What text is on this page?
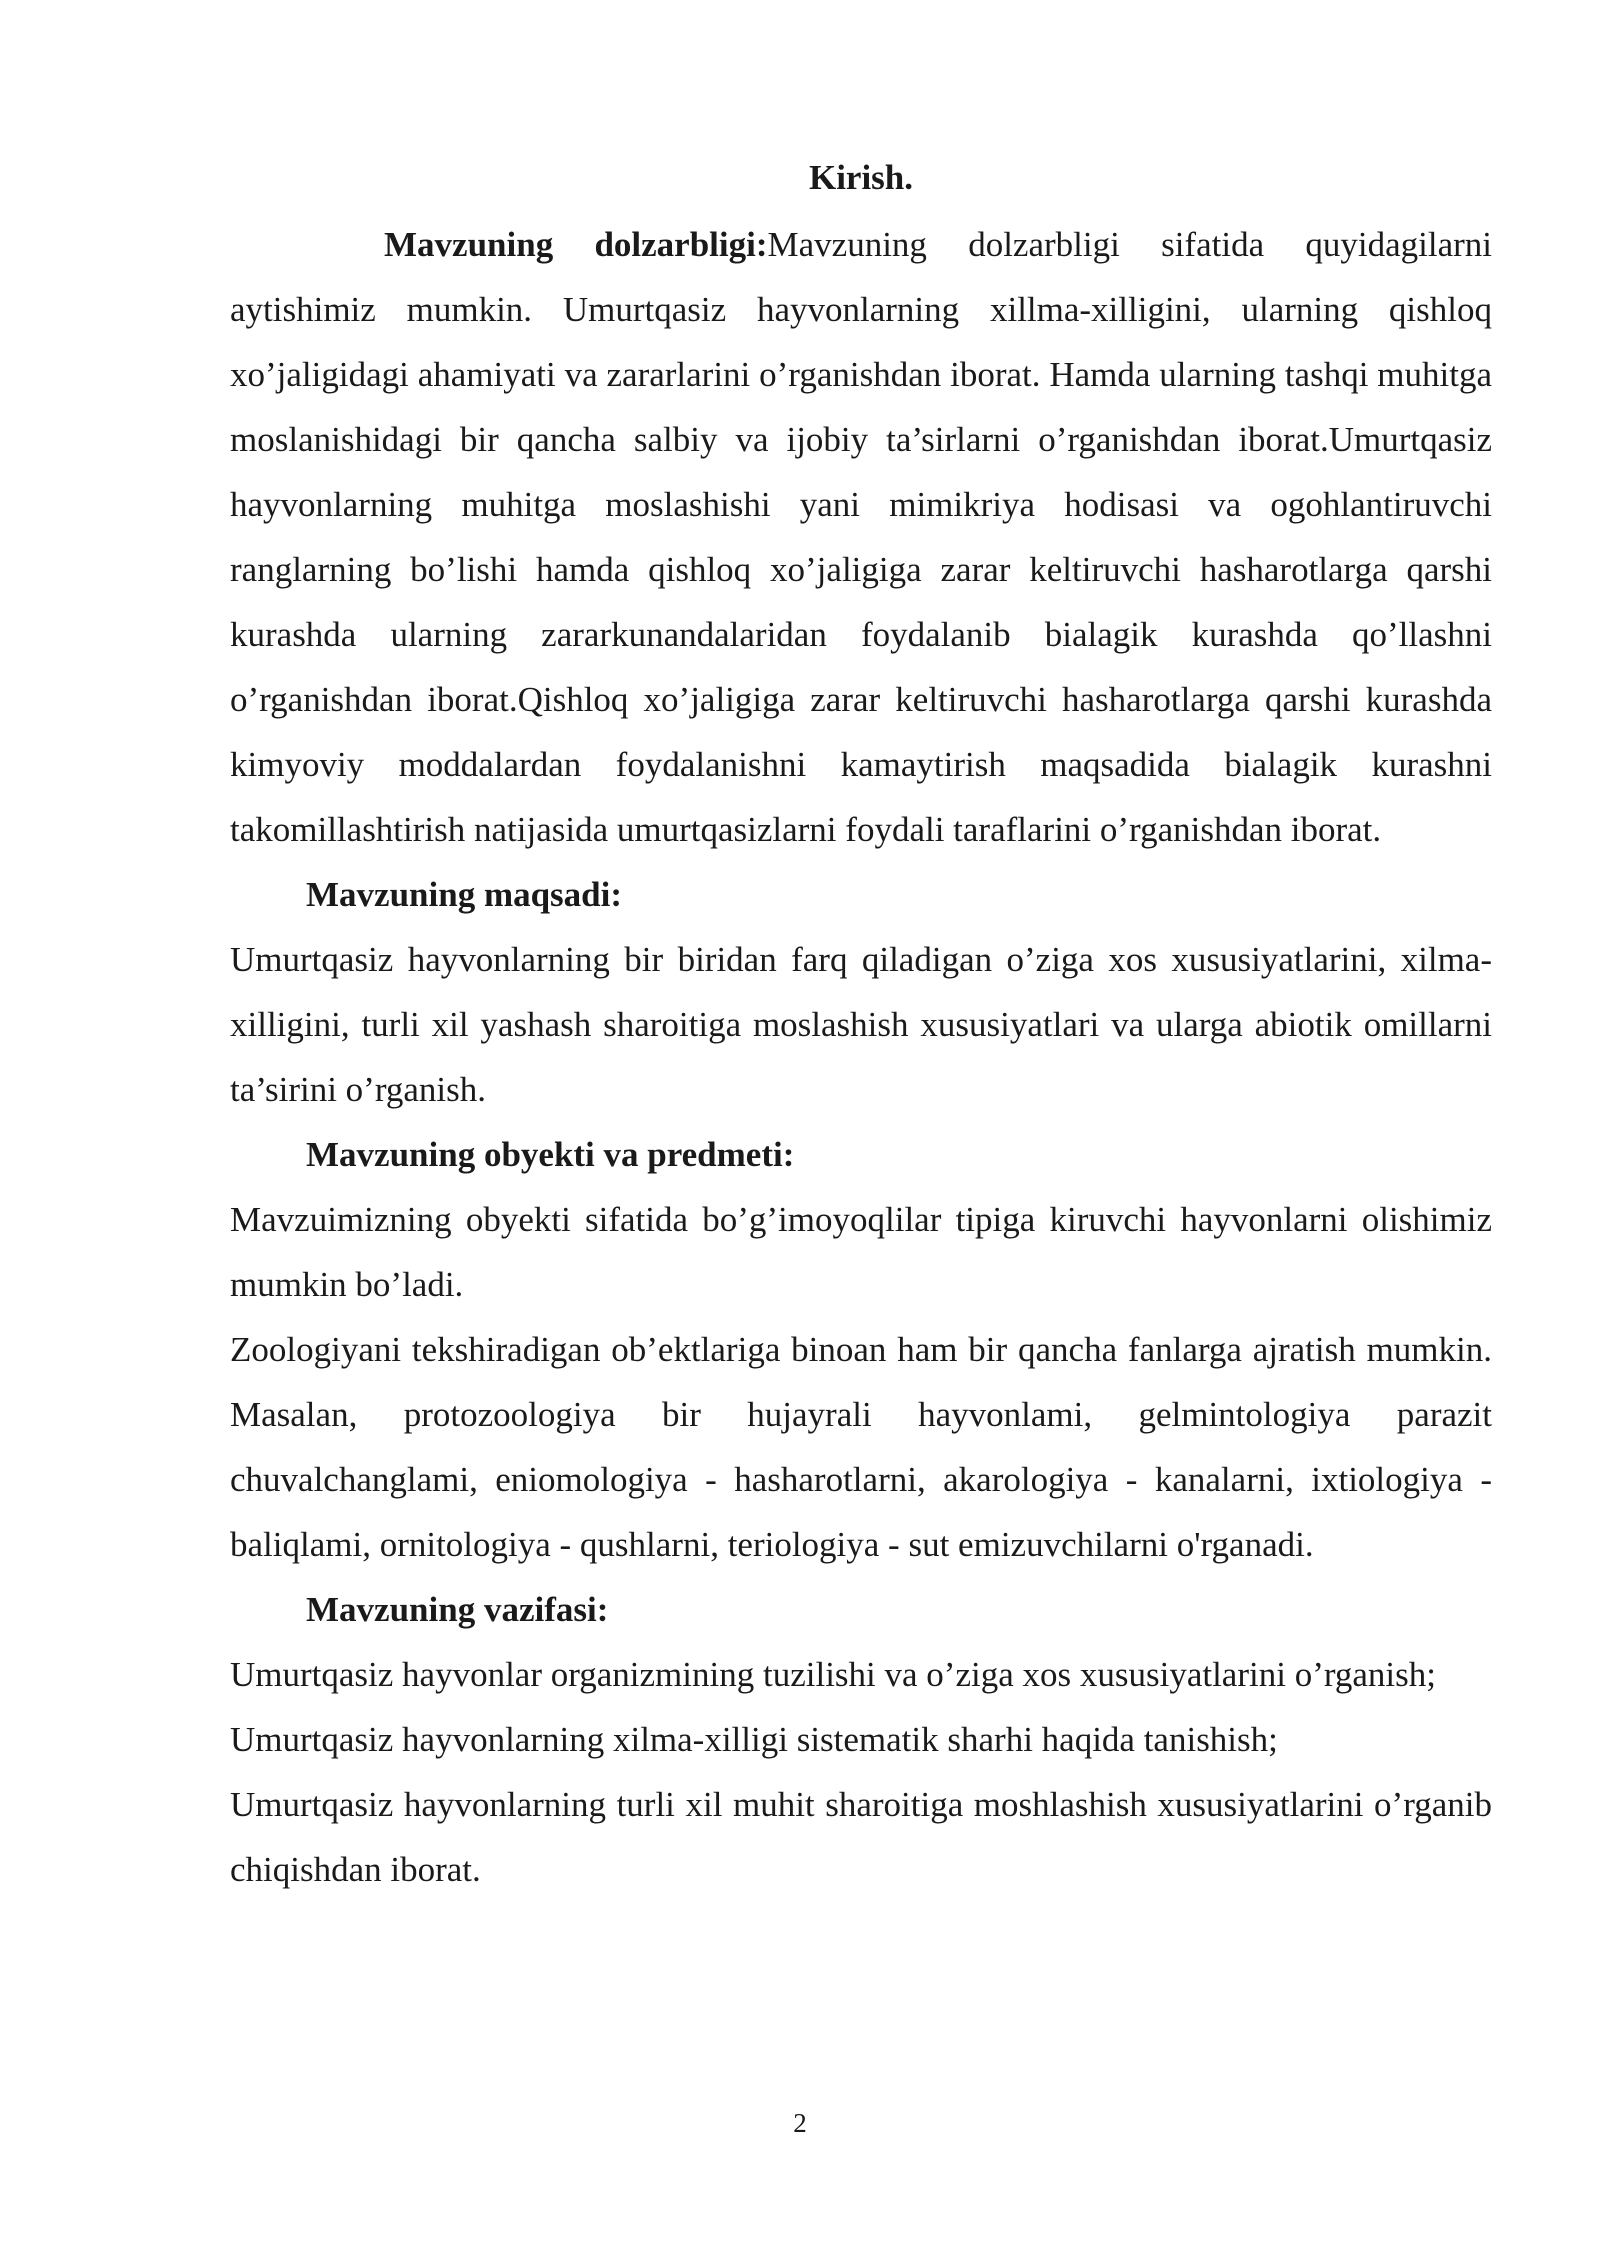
Kirish.

Mavzuning dolzarbligi:Mavzuning dolzarbligi sifatida quyidagilarni aytishimiz mumkin. Umurtqasiz hayvonlarning xillma-xilligini, ularning qishloq xo’jaligidagi ahamiyati va zararlarini o’rganishdan iborat. Hamda ularning tashqi muhitga moslanishidagi bir qancha salbiy va ijobiy ta’sirlarni o’rganishdan iborat.Umurtqasiz hayvonlarning muhitga moslashishi yani mimikriya hodisasi va ogohlantiruvchi ranglarning bo’lishi hamda qishloq xo’jaligiga zarar keltiruvchi hasharotlarga qarshi kurashda ularning zararkunandalaridan foydalanib bialagik kurashda qo’llashni o’rganishdan iborat.Qishloq xo’jaligiga zarar keltiruvchi hasharotlarga qarshi kurashda kimyoviy moddalardan foydalanishni kamaytirish maqsadida bialagik kurashni takomillashtirish natijasida umurtqasizlarni foydali taraflarini o’rganishdan iborat.

Mavzuning maqsadi:

Umurtqasiz hayvonlarning bir biridan farq qiladigan o’ziga xos xususiyatlarini, xilma-xilligini, turli xil yashash sharoitiga moslashish xususiyatlari va ularga abiotik omillarni ta’sirini o’rganish.

Mavzuning obyekti va predmeti:

Mavzuimizning obyekti sifatida bo’g’imoyoqlilar tipiga kiruvchi hayvonlarni olishimiz mumkin bo’ladi.

Zoologiyani tekshiradigan ob’ektlariga binoan ham bir qancha fanlarga ajratish mumkin. Masalan, protozoologiya bir hujayrali hayvonlami, gelmintologiya parazit chuvalchanglami, eniomologiya - hasharotlarni, akarologiya - kanalarni, ixtiologiya - baliqlami, ornitologiya - qushlarni, teriologiya - sut emizuvchilarni o'rganadi.

Mavzuning vazifasi:

Umurtqasiz hayvonlar organizmining tuzilishi va o’ziga xos xususiyatlarini o’rganish;

Umurtqasiz hayvonlarning xilma-xilligi sistematik sharhi haqida tanishish;

Umurtqasiz hayvonlarning turli xil muhit sharoitiga moshlashish xususiyatlarini o’rganib chiqishdan iborat.

2
